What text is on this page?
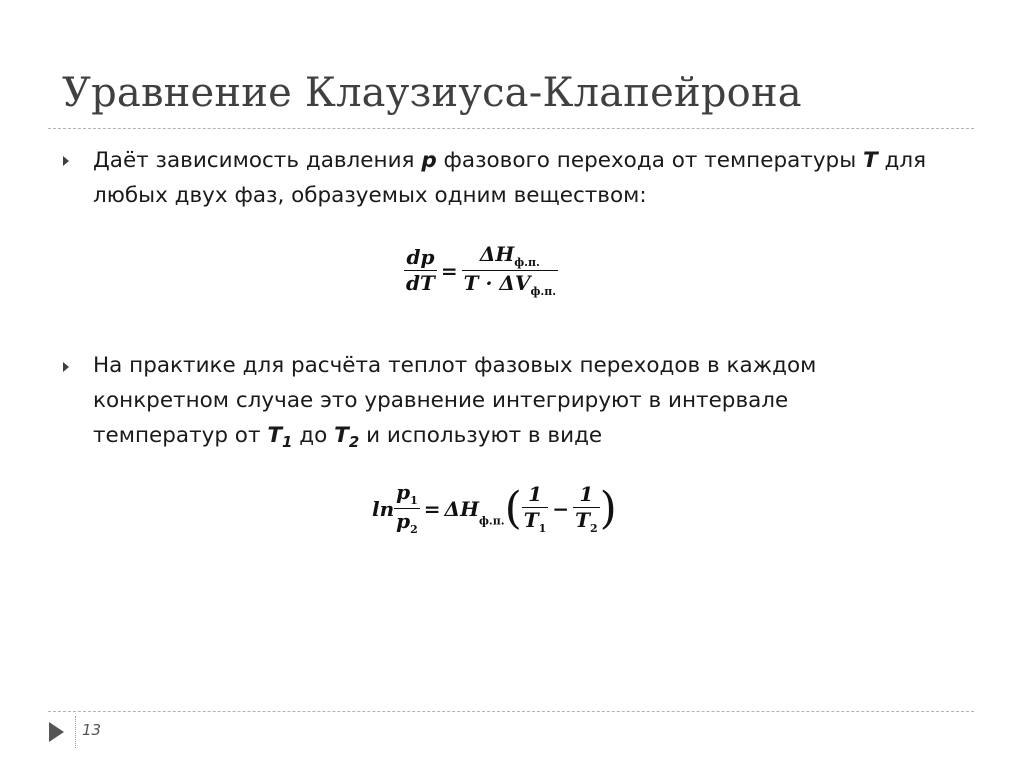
Уравнение Клаузиуса-Клапейрона
Даёт зависимость давления p фазового перехода от температуры T для любых двух фаз, образуемых одним веществом:
$\frac{dp}{dT} = \frac{\Delta H_{ф.п.}}{T \cdot \Delta V_{ф.п.}}$
На практике для расчёта теплот фазовых переходов в каждом конкретном случае это уравнение интегрируют в интервале температур от $T_1$ до $T_2$ и используют в виде
$\ln \frac{p_1}{p_2} = \Delta H_{ф.п.}( \frac{1}{T_1} - \frac{1}{T_2}$ )
13
